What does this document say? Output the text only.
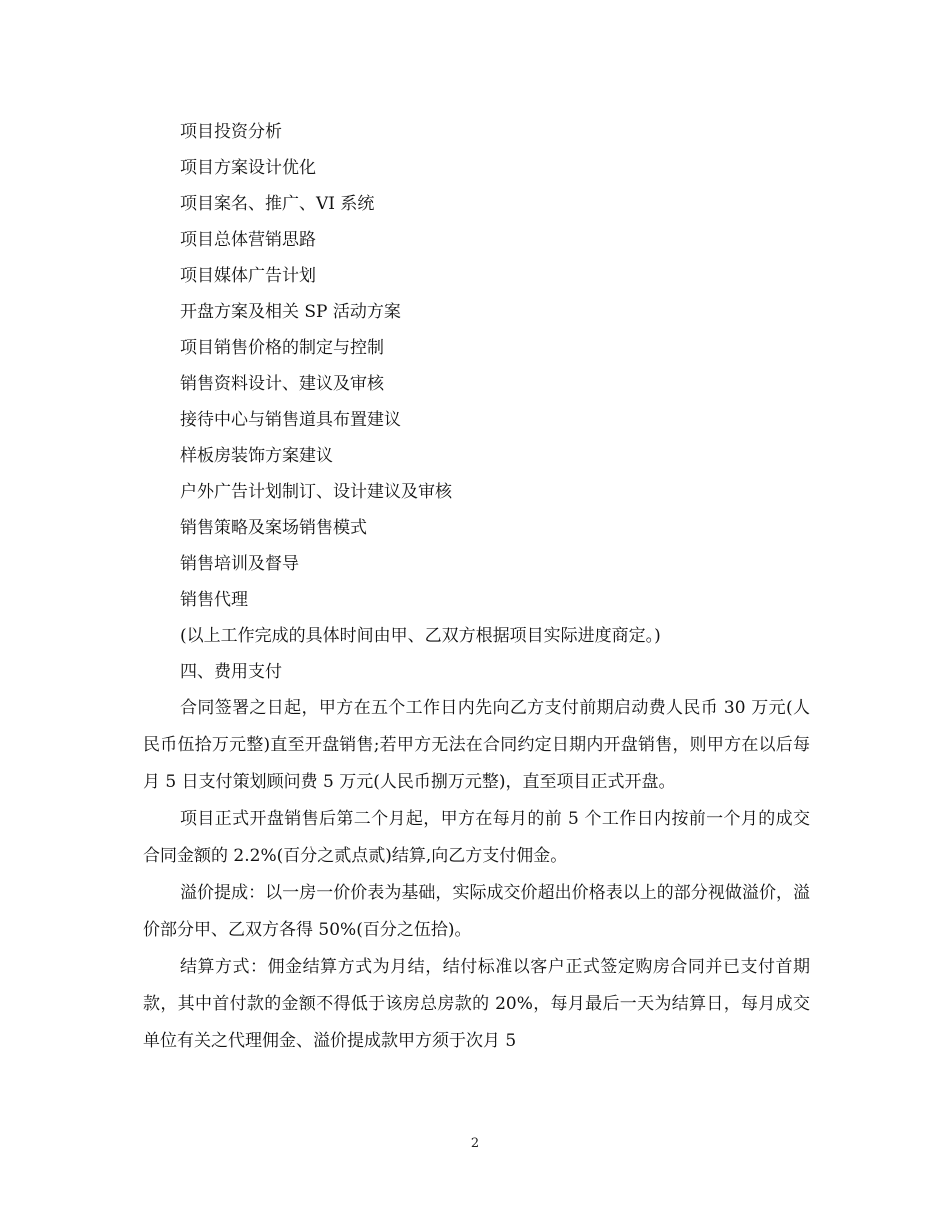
项目投资分析
项目方案设计优化
项目案名、推广、VI 系统
项目总体营销思路
项目媒体广告计划
开盘方案及相关 SP 活动方案
项目销售价格的制定与控制
销售资料设计、建议及审核
接待中心与销售道具布置建议
样板房装饰方案建议
户外广告计划制订、设计建议及审核
销售策略及案场销售模式
销售培训及督导
销售代理
(以上工作完成的具体时间由甲、乙双方根据项目实际进度商定。)
四、费用支付

合同签署之日起，甲方在五个工作日内先向乙方支付前期启动费人民币 30 万元(人民币伍拾万元整)直至开盘销售;若甲方无法在合同约定日期内开盘销售，则甲方在以后每月 5 日支付策划顾问费 5 万元(人民币捌万元整)，直至项目正式开盘。

项目正式开盘销售后第二个月起，甲方在每月的前 5 个工作日内按前一个月的成交合同金额的 2.2%(百分之贰点贰)结算,向乙方支付佣金。

溢价提成：以一房一价价表为基础，实际成交价超出价格表以上的部分视做溢价，溢价部分甲、乙双方各得 50%(百分之伍拾)。

结算方式：佣金结算方式为月结，结付标准以客户正式签定购房合同并已支付首期款，其中首付款的金额不得低于该房总房款的 20%，每月最后一天为结算日，每月成交单位有关之代理佣金、溢价提成款甲方须于次月 5

2
